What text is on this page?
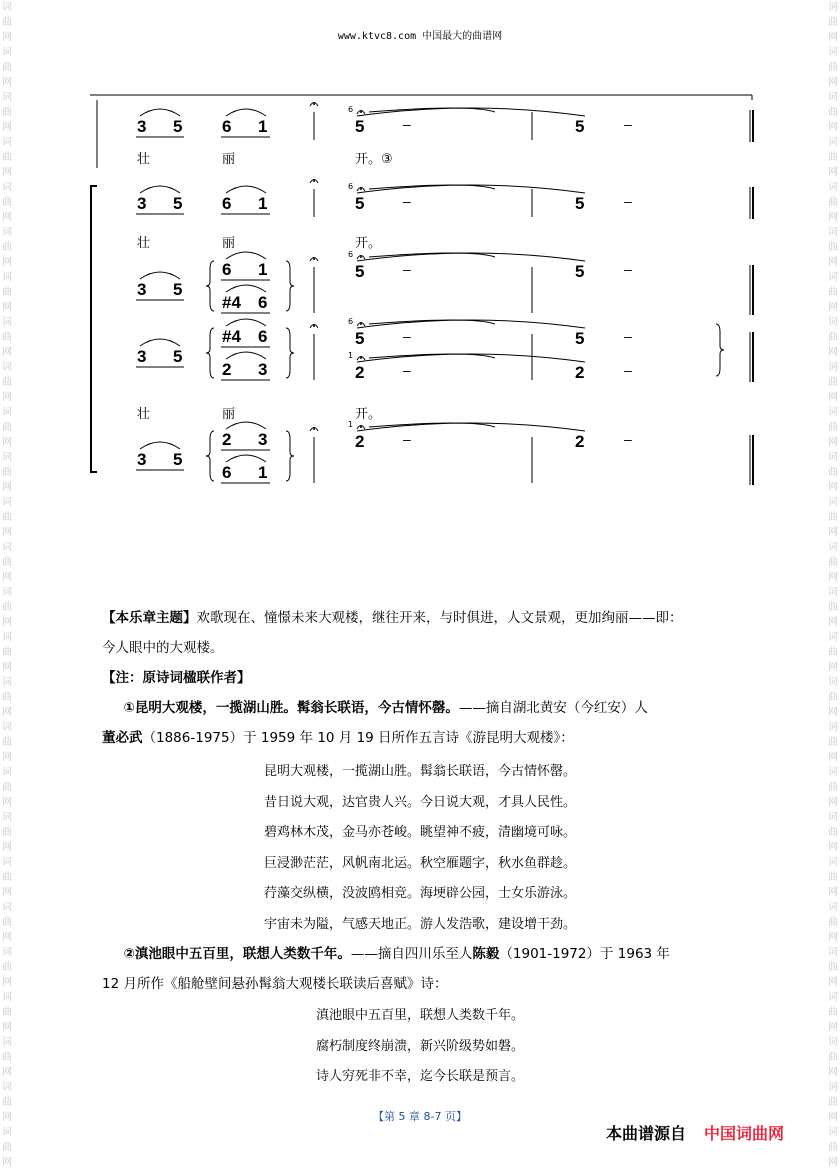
词
曲
网
词
曲
网
词
曲
网
词
曲
网
词
曲
网
词
曲
网
词
曲
网
词
曲
网
词
曲
网
词
曲
网
词
曲
网
词
曲
网
词
曲
网
词
曲
网
词
曲
网
词
曲
网
词
曲
网
词
曲
网
词
曲
网
词
曲
网
词
曲
网
词
曲
网
词
曲
网
词
曲
网
词
曲
网
词
曲
网
词
曲
网
词
曲
网
词
曲
网
词
曲
网
词
曲
网
词
曲
网
词
曲
网
词
曲
网
词
曲
网
词
曲
网
词
曲
网
词
曲
网
词
曲
网
词
曲
网
词
曲
网
词
曲
网
词
曲
网
词
曲
网
词
曲
网
词
曲
网
词
曲
网
词
曲
网
词
曲
网
词
曲
网
词
曲
网
词
曲
网
www.ktvc8.com 中国最大的曲谱网
6
6
6
6
1
1
3 5 6 1	5	5
–	–
3 5 6 1	5	5
–	–
3 5
6 1
#4 6
5	5
–	–
3 5
#4 6
2 3
5	5
–	–
2	2
–	–
3 5
2 3
6 1
2	2
–	–
壮	丽	开。③
壮	丽	开。
壮	丽	开。
【本乐章主题】欢歌现在、憧憬未来大观楼，继往开来，与时俱进，人文景观，更加绚丽——即：
今人眼中的大观楼。
【注：原诗词楹联作者】
①昆明大观楼，一揽湖山胜。髯翁长联语，今古情怀罄。——摘自湖北黄安（今红安）人
董必武（1886-1975）于 1959 年 10 月 19 日所作五言诗《游昆明大观楼》：
昆明大观楼，一揽湖山胜。髯翁长联语，今古情怀罄。
昔日说大观，达官贵人兴。今日说大观，才具人民性。
碧鸡林木茂，金马亦苍峻。眺望神不疲，清幽境可咏。
巨浸渺茫茫，风帆南北运。秋空雁题字，秋水鱼群趁。
荇藻交纵横，没波鸥相竞。海埂辟公园，士女乐游泳。
宇宙未为隘，气感天地正。游人发浩歌，建设增干劲。
②滇池眼中五百里，联想人类数千年。——摘自四川乐至人陈毅（1901-1972）于 1963 年
12 月所作《船舱壁间悬孙髯翁大观楼长联读后喜赋》诗：
滇池眼中五百里，联想人类数千年。
腐朽制度终崩溃，新兴阶级势如磐。
诗人穷死非不幸，迄今长联是预言。
【第 5 章 8-7 页】
本曲谱源自 中国词曲网
